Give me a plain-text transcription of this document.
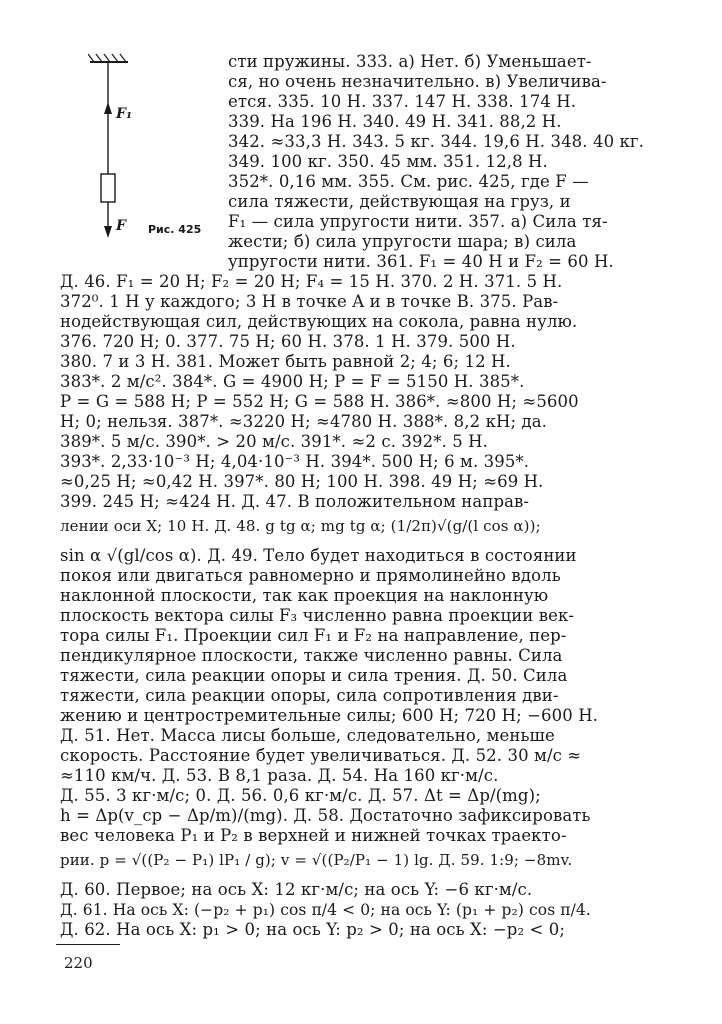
F₁
F Рис. 425
сти пружины. 333. а) Нет. б) Уменьшает-
ся, но очень незначительно. в) Увеличива-
ется. 335. 10 Н. 337. 147 Н. 338. 174 Н.
339. На 196 Н. 340. 49 Н. 341. 88,2 Н.
342. ≈33,3 Н. 343. 5 кг. 344. 19,6 Н. 348. 40 кг.
349. 100 кг. 350. 45 мм. 351. 12,8 Н.
352*. 0,16 мм. 355. См. рис. 425, где F —
сила тяжести, действующая на груз, и
F₁ — сила упругости нити. 357. а) Сила тя-
жести; б) сила упругости шара; в) сила
упругости нити. 361. F₁ = 40 Н и F₂ = 60 Н.
Д. 46. F₁ = 20 Н; F₂ = 20 Н; F₄ = 15 Н. 370. 2 Н. 371. 5 Н.
372⁰. 1 Н у каждого; 3 Н в точке A и в точке B. 375. Рав-
нодействующая сил, действующих на сокола, равна нулю.
376. 720 Н; 0. 377. 75 Н; 60 Н. 378. 1 Н. 379. 500 Н.
380. 7 и 3 Н. 381. Может быть равной 2; 4; 6; 12 Н.
383*. 2 м/с². 384*. G = 4900 Н; P = F = 5150 Н. 385*.
P = G = 588 Н; P = 552 Н; G = 588 Н. 386*. ≈800 Н; ≈5600
Н; 0; нельзя. 387*. ≈3220 Н; ≈4780 Н. 388*. 8,2 кН; да.
389*. 5 м/с. 390*. > 20 м/с. 391*. ≈2 с. 392*. 5 Н.
393*. 2,33·10⁻³ Н; 4,04·10⁻³ Н. 394*. 500 Н; 6 м. 395*.
≈0,25 Н; ≈0,42 Н. 397*. 80 Н; 100 Н. 398. 49 Н; ≈69 Н.
399. 245 Н; ≈424 Н. Д. 47. В положительном направ-
лении оси X; 10 Н. Д. 48. g tg α; mg tg α; (1/2π)√(g/(l cos α));
sin α √(gl/cos α). Д. 49. Тело будет находиться в состоянии
покоя или двигаться равномерно и прямолинейно вдоль
наклонной плоскости, так как проекция на наклонную
плоскость вектора силы F₃ численно равна проекции век-
тора силы F₁. Проекции сил F₁ и F₂ на направление, пер-
пендикулярное плоскости, также численно равны. Сила
тяжести, сила реакции опоры и сила трения. Д. 50. Сила
тяжести, сила реакции опоры, сила сопротивления дви-
жению и центростремительные силы; 600 Н; 720 Н; −600 Н.
Д. 51. Нет. Масса лисы больше, следовательно, меньше
скорость. Расстояние будет увеличиваться. Д. 52. 30 м/с ≈
≈110 км/ч. Д. 53. В 8,1 раза. Д. 54. На 160 кг·м/с.
Д. 55. 3 кг·м/с; 0. Д. 56. 0,6 кг·м/с. Д. 57. Δt = Δp/(mg);
h = Δp(v_ср − Δp/m)/(mg). Д. 58. Достаточно зафиксировать
вес человека P₁ и P₂ в верхней и нижней точках траекто-
рии. p = √((P₂ − P₁) lP₁ / g); v = √((P₂/P₁ − 1) lg. Д. 59. 1:9; −8mv.
Д. 60. Первое; на ось X: 12 кг·м/с; на ось Y: −6 кг·м/с.
Д. 61. На ось X: (−p₂ + p₁) cos π/4 < 0; на ось Y: (p₁ + p₂) cos π/4.
Д. 62. На ось X: p₁ > 0; на ось Y: p₂ > 0; на ось X: −p₂ < 0;
220
